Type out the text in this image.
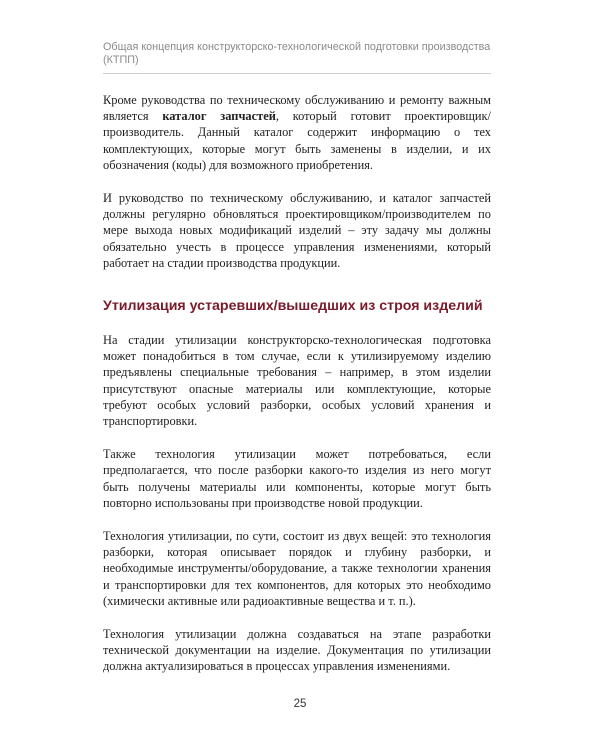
Общая концепция конструкторско-технологической подготовки производства (КТПП)

Кроме руководства по техническому обслуживанию и ремонту важным является каталог запчастей, который готовит проектировщик/производитель. Данный каталог содержит информацию о тех комплектующих, которые могут быть заменены в изделии, и их обозначения (коды) для возможного приобретения.

И руководство по техническому обслуживанию, и каталог запчастей должны регулярно обновляться проектировщиком/производителем по мере выхода новых модификаций изделий – эту задачу мы должны обязательно учесть в процессе управления изменениями, который работает на стадии производства продукции.

Утилизация устаревших/вышедших из строя изделий

На стадии утилизации конструкторско-технологическая подготовка может понадобиться в том случае, если к утилизируемому изделию предъявлены специальные требования – например, в этом изделии присутствуют опасные материалы или комплектующие, которые требуют особых условий разборки, особых условий хранения и транспортировки.

Также технология утилизации может потребоваться, если предполагается, что после разборки какого-то изделия из него могут быть получены материалы или компоненты, которые могут быть повторно использованы при производстве новой продукции.

Технология утилизации, по сути, состоит из двух вещей: это технология разборки, которая описывает порядок и глубину разборки, и необходимые инструменты/оборудование, а также технологии хранения и транспортировки для тех компонентов, для которых это необходимо (химически активные или радиоактивные вещества и т. п.).

Технология утилизации должна создаваться на этапе разработки технической документации на изделие. Документация по утилизации должна актуализироваться в процессах управления изменениями.

25
